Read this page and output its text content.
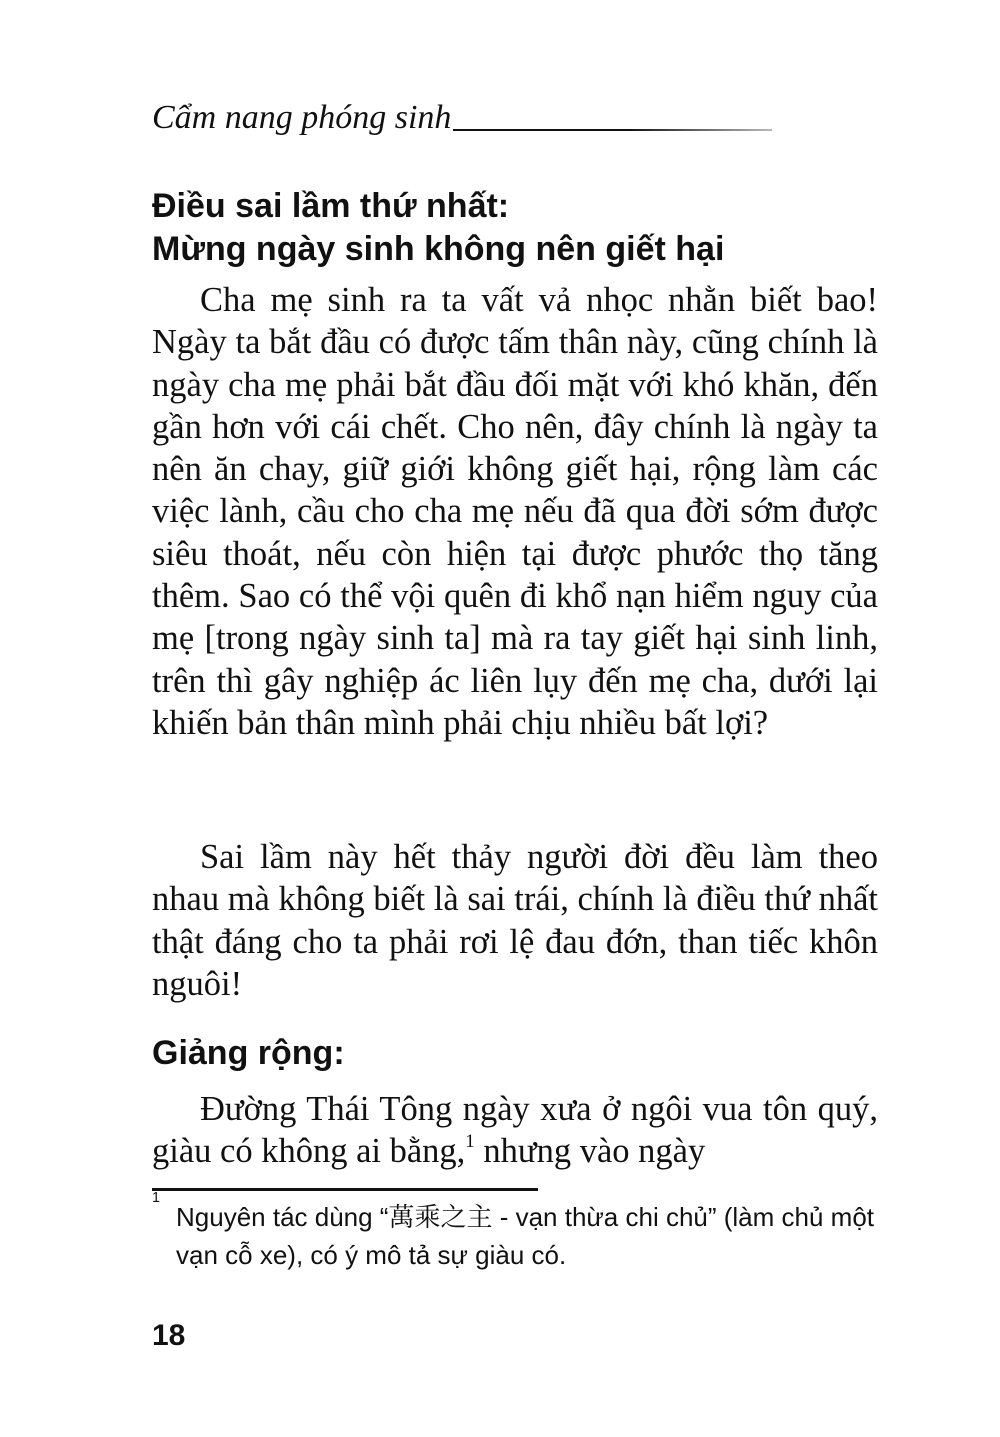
Cẩm nang phóng sinh
Điều sai lầm thứ nhất:
Mừng ngày sinh không nên giết hại

Cha mẹ sinh ra ta vất vả nhọc nhằn biết bao! Ngày ta bắt đầu có được tấm thân này, cũng chính là ngày cha mẹ phải bắt đầu đối mặt với khó khăn, đến gần hơn với cái chết. Cho nên, đây chính là ngày ta nên ăn chay, giữ giới không giết hại, rộng làm các việc lành, cầu cho cha mẹ nếu đã qua đời sớm được siêu thoát, nếu còn hiện tại được phước thọ tăng thêm. Sao có thể vội quên đi khổ nạn hiểm nguy của mẹ [trong ngày sinh ta] mà ra tay giết hại sinh linh, trên thì gây nghiệp ác liên lụy đến mẹ cha, dưới lại khiến bản thân mình phải chịu nhiều bất lợi?

Sai lầm này hết thảy người đời đều làm theo nhau mà không biết là sai trái, chính là điều thứ nhất thật đáng cho ta phải rơi lệ đau đớn, than tiếc khôn nguôi!

Giảng rộng:

Đường Thái Tông ngày xưa ở ngôi vua tôn quý, giàu có không ai bằng,$^1$ nhưng vào ngày

1
Nguyên tác dùng “萬乘之主 - vạn thừa chi chủ” (làm chủ một vạn cỗ xe), có ý mô tả sự giàu có.
18
